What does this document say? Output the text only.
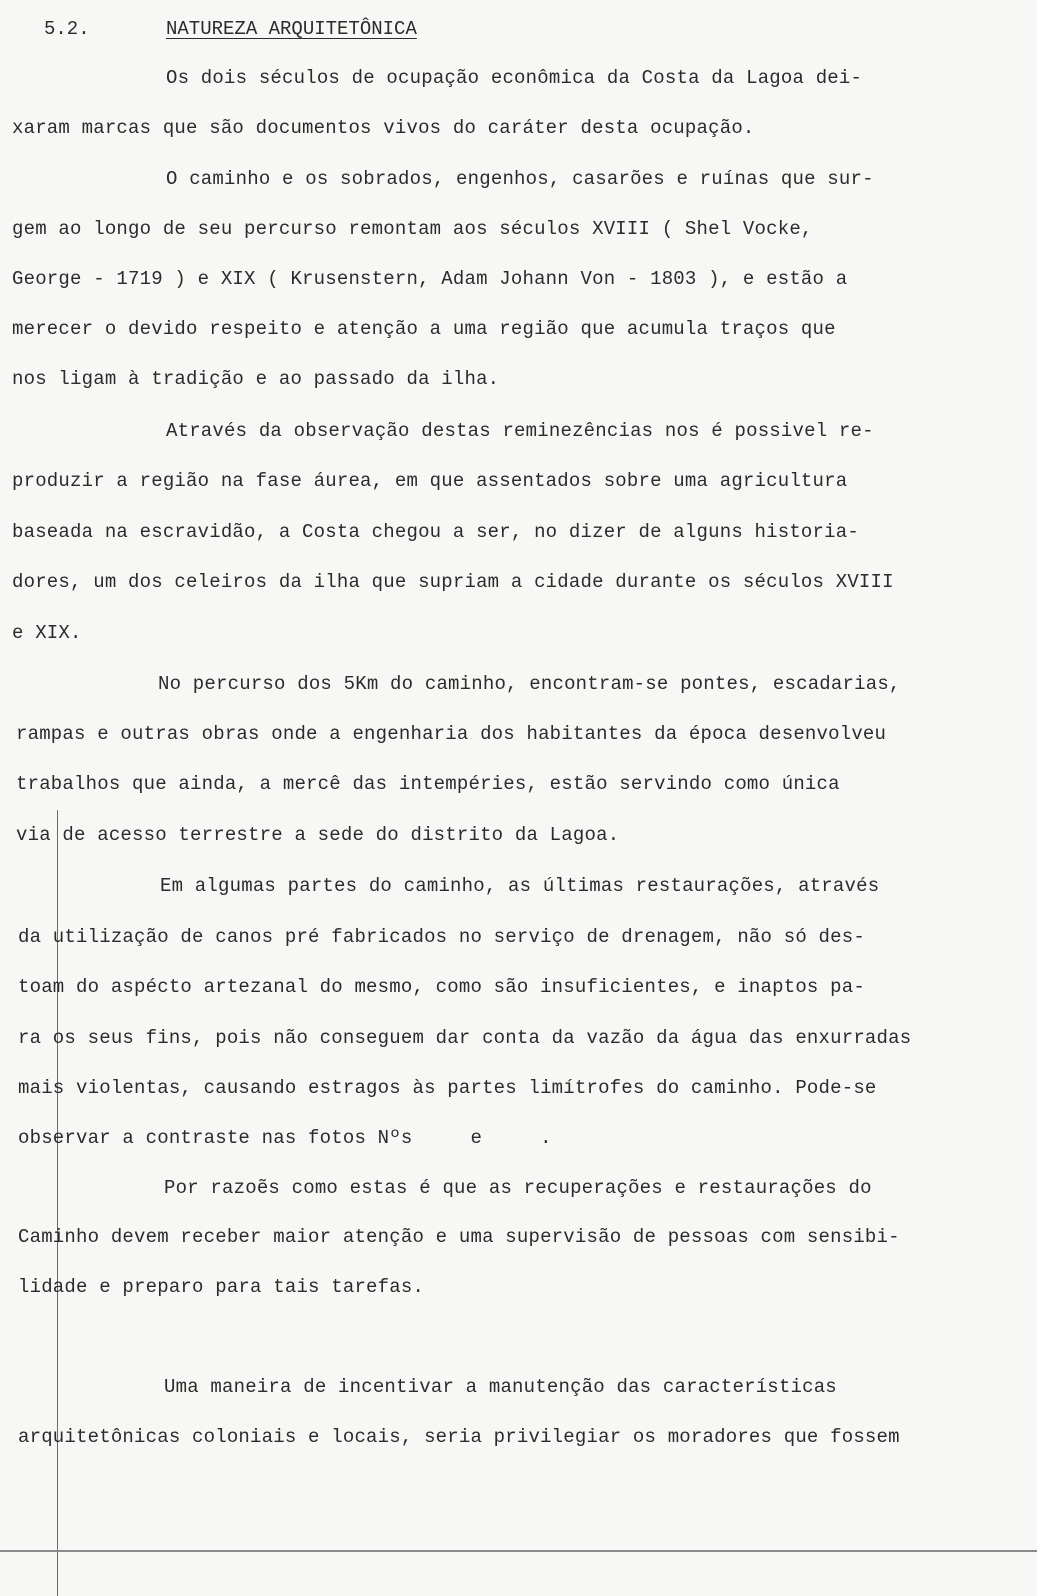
5.2.

	NATUREZA ARQUITETÔNICA

Os dois séculos de ocupação econômica da Costa da Lagoa dei-
xaram marcas que são documentos vivos do caráter desta ocupação.
O caminho e os sobrados, engenhos, casarões e ruínas que sur-
gem ao longo de seu percurso remontam aos séculos XVIII ( Shel Vocke,
George - 1719 ) e XIX ( Krusenstern, Adam Johann Von - 1803 ), e estão a
merecer o devido respeito e atenção a uma região que acumula traços que
nos ligam à tradição e ao passado da ilha.
Através da observação destas reminezências nos é possivel re-
produzir a região na fase áurea, em que assentados sobre uma agricultura
baseada na escravidão, a Costa chegou a ser, no dizer de alguns historia-
dores, um dos celeiros da ilha que supriam a cidade durante os séculos XVIII
e XIX.
No percurso dos 5Km do caminho, encontram-se pontes, escadarias,
rampas e outras obras onde a engenharia dos habitantes da época desenvolveu
trabalhos que ainda, a mercê das intempéries, estão servindo como única
via de acesso terrestre a sede do distrito da Lagoa.
Em algumas partes do caminho, as últimas restaurações, através
da utilização de canos pré fabricados no serviço de drenagem, não só des-
toam do aspécto artezanal do mesmo, como são insuficientes, e inaptos pa-
ra os seus fins, pois não conseguem dar conta da vazão da água das enxurradas
mais violentas, causando estragos às partes limítrofes do caminho. Pode-se
observar a contraste nas fotos Nºs     e     .
Por razoẽs como estas é que as recuperações e restaurações do
Caminho devem receber maior atenção e uma supervisão de pessoas com sensibi-
lidade e preparo para tais tarefas.
Uma maneira de incentivar a manutenção das características
arquitetônicas coloniais e locais, seria privilegiar os moradores que fossem
